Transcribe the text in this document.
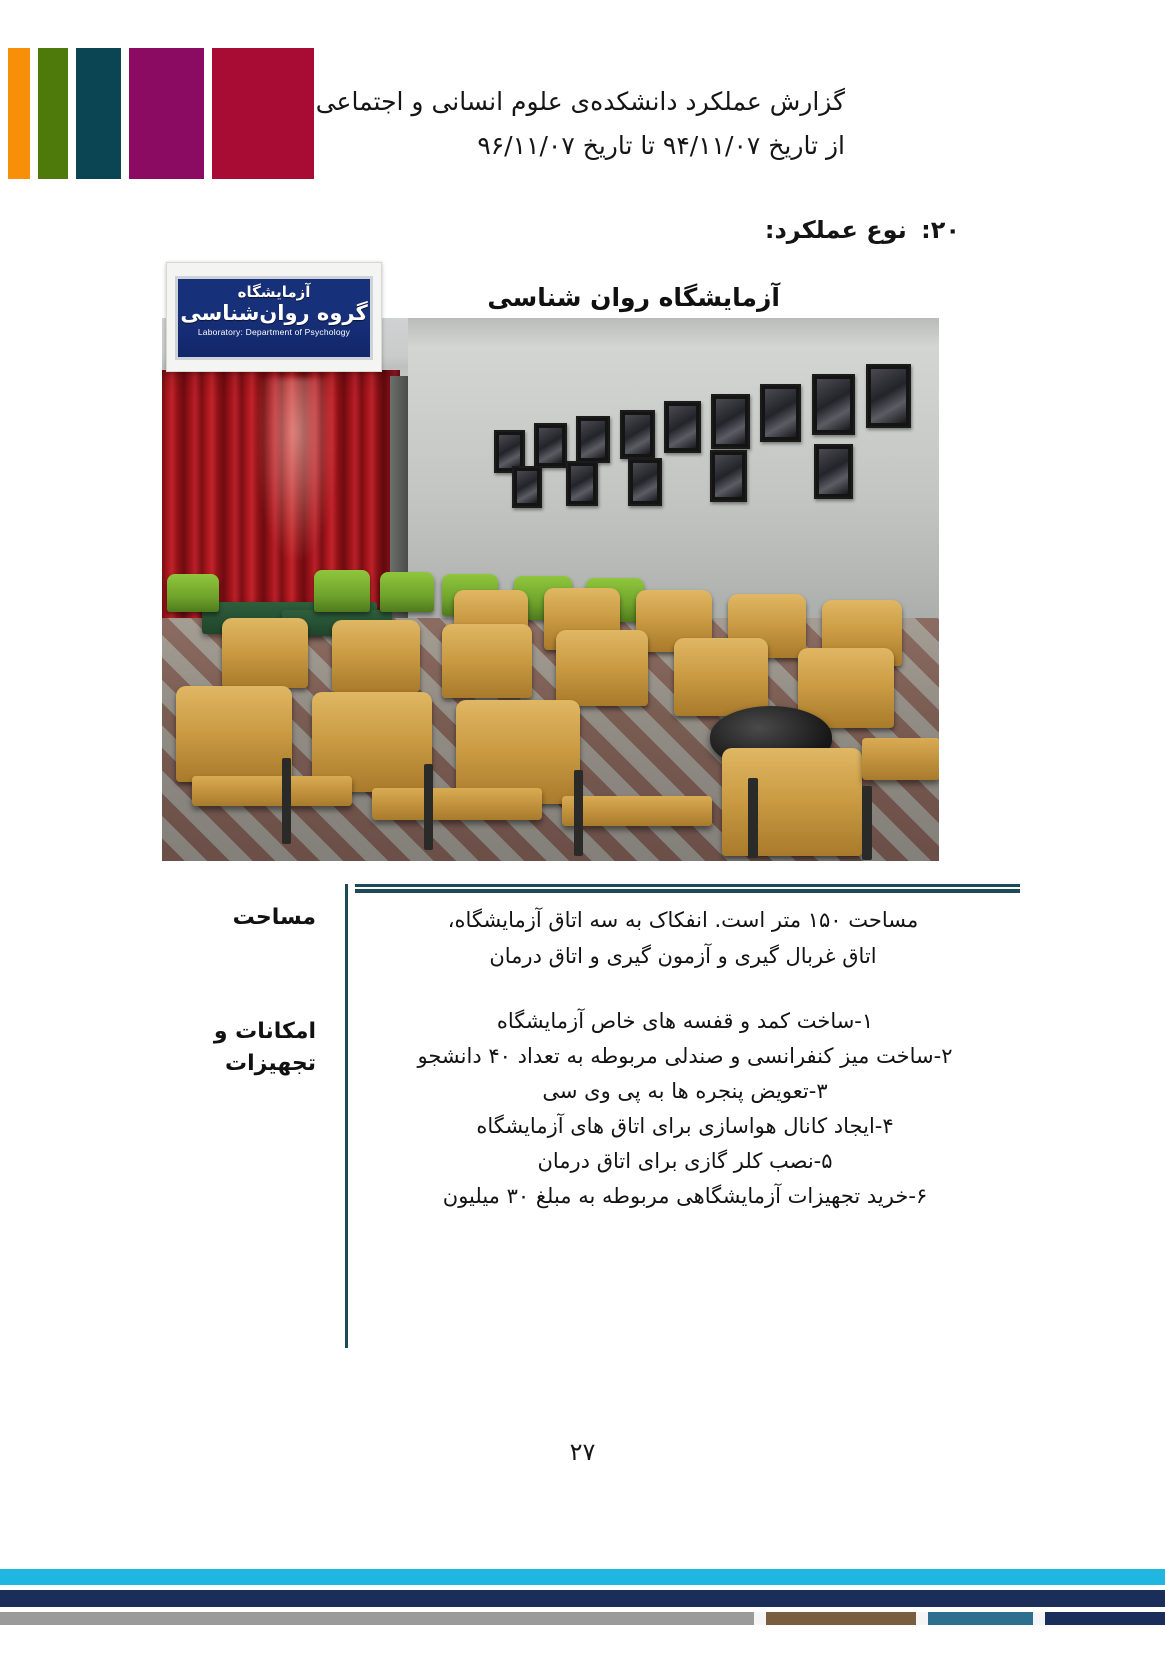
گزارش عملکرد دانشکده‌ی علوم انسانی و اجتماعی
از تاریخ ۹۴/۱۱/۰۷ تا تاریخ ۹۶/۱۱/۰۷
۲۰: نوع عملکرد:
آزمایشگاه روان شناسی
آزمایشگاه
گروه روان‌شناسی
Laboratory: Department of Psychology
مساحت ۱۵۰ متر است. انفکاک به سه اتاق آزمایشگاه،
اتاق غربال گیری و آزمون گیری و اتاق درمان
مساحت
۱-ساخت کمد و قفسه های خاص آزمایشگاه
۲-ساخت میز کنفرانسی و صندلی مربوطه به تعداد ۴۰ دانشجو
۳-تعویض پنجره ها به پی وی سی
۴-ایجاد کانال هواسازی برای اتاق های آزمایشگاه
۵-نصب کلر گازی برای اتاق درمان
۶-خرید تجهیزات آزمایشگاهی مربوطه به مبلغ ۳۰ میلیون
امکانات و تجهیزات
۲۷
